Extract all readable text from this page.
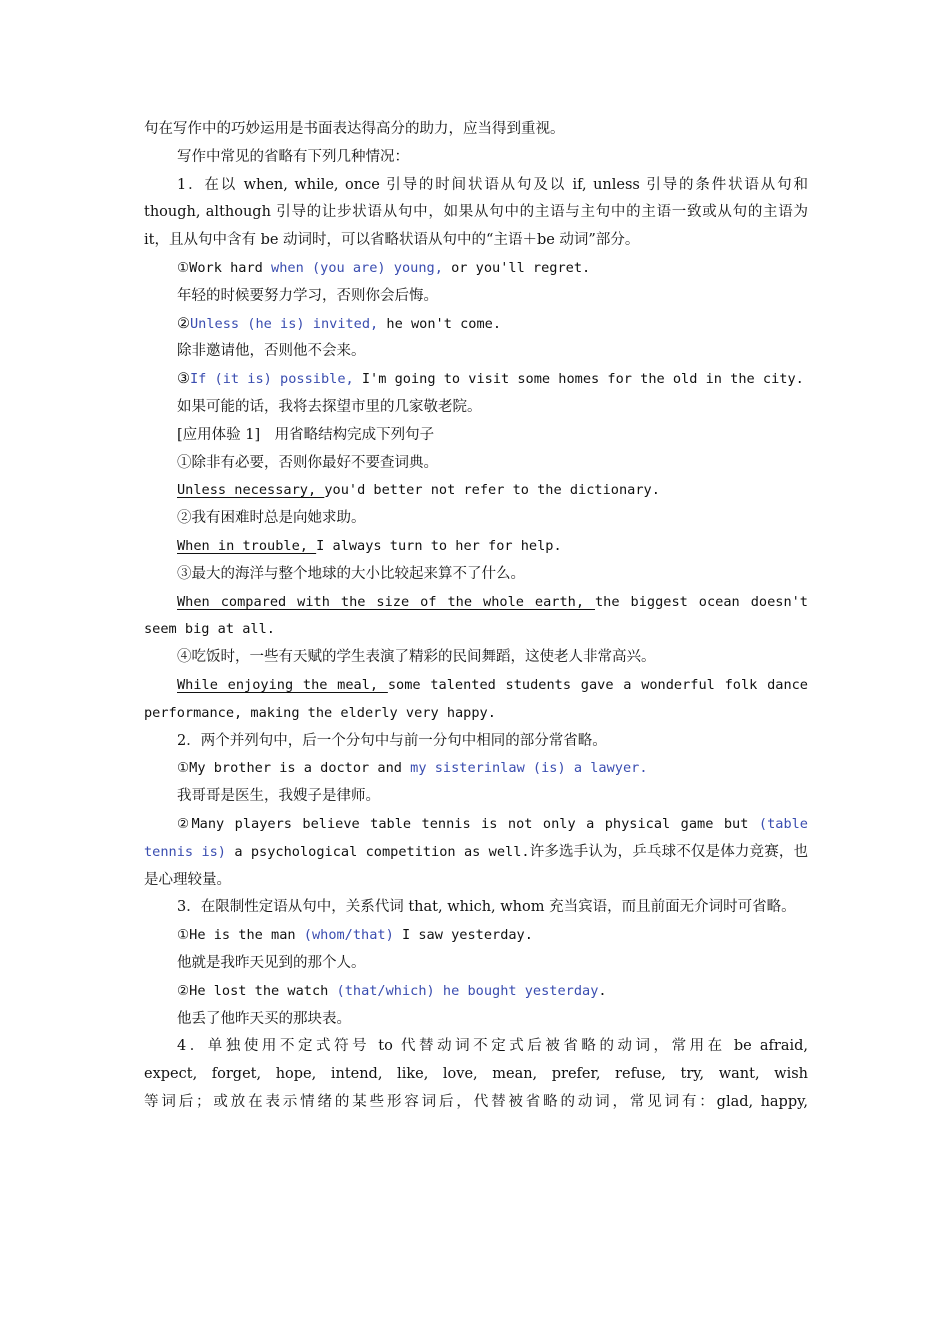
句在写作中的巧妙运用是书面表达得高分的助力，应当得到重视。

写作中常见的省略有下列几种情况：

1．在以 when, while, once 引导的时间状语从句及以 if, unless 引导的条件状语从句和 though, although 引导的让步状语从句中，如果从句中的主语与主句中的主语一致或从句的主语为 it，且从句中含有 be 动词时，可以省略状语从句中的“主语＋be 动词”部分。

①Work hard when (you are) young, or you'll regret.

年轻的时候要努力学习，否则你会后悔。

②Unless (he is) invited, he won't come.

除非邀请他，否则他不会来。

③If (it is) possible, I'm going to visit some homes for the old in the city.

如果可能的话，我将去探望市里的几家敬老院。

[应用体验 1]　用省略结构完成下列句子

①除非有必要，否则你最好不要查词典。

Unless necessary, you'd better not refer to the dictionary.

②我有困难时总是向她求助。

When in trouble, I always turn to her for help.

③最大的海洋与整个地球的大小比较起来算不了什么。

When compared with the size of the whole earth, the biggest ocean doesn't seem big at all.

④吃饭时，一些有天赋的学生表演了精彩的民间舞蹈，这使老人非常高兴。

While enjoying the meal, some talented students gave a wonderful folk dance performance, making the elderly very happy.

2．两个并列句中，后一个分句中与前一分句中相同的部分常省略。

①My brother is a doctor and my sisterinlaw (is) a lawyer.

我哥哥是医生，我嫂子是律师。

②Many players believe table tennis is not only a physical game but (table tennis is) a psychological competition as well.许多选手认为，乒乓球不仅是体力竞赛，也是心理较量。

3．在限制性定语从句中，关系代词 that, which, whom 充当宾语，而且前面无介词时可省略。

①He is the man (whom/that) I saw yesterday.

他就是我昨天见到的那个人。

②He lost the watch (that/which) he bought yesterday.

他丢了他昨天买的那块表。

4．单独使用不定式符号 to 代替动词不定式后被省略的动词，常用在 be afraid,

expect, forget, hope, intend, like, love, mean, prefer, refuse, try, want, wish

等词后；或放在表示情绪的某些形容词后，代替被省略的动词，常见词有：glad, happy,
